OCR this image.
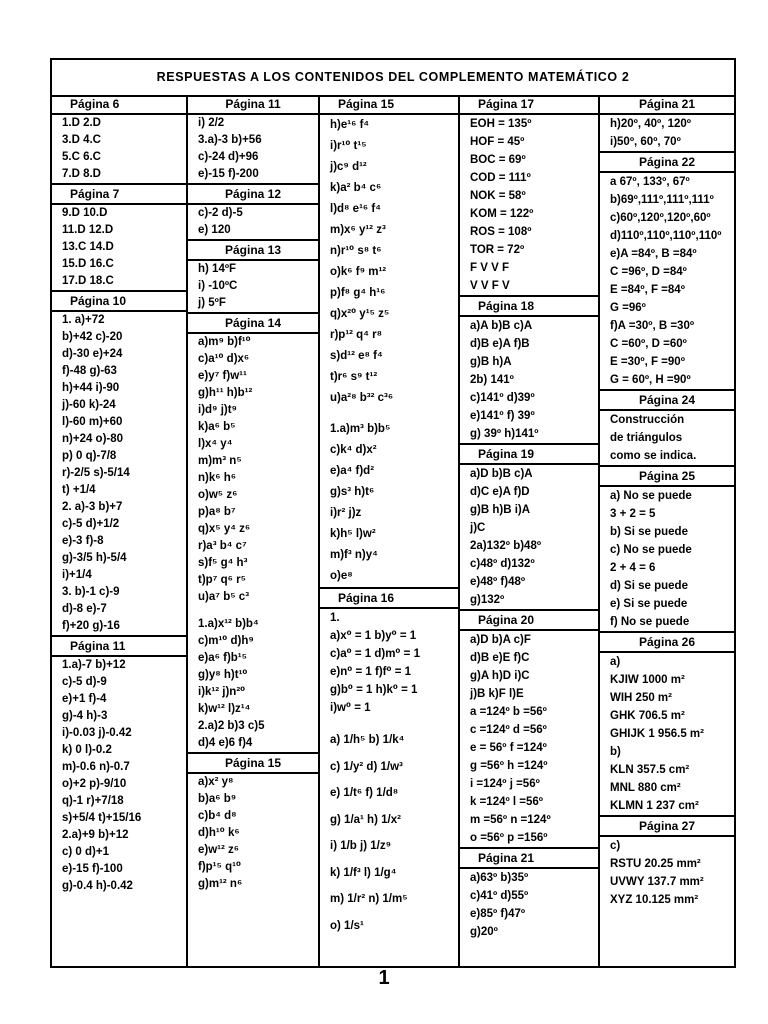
RESPUESTAS A LOS CONTENIDOS DEL COMPLEMENTO MATEMÁTICO 2
Página 6
1.D 2.D
3.D 4.C
5.C 6.C
7.D 8.D
Página 7
9.D 10.D
11.D 12.D
13.C 14.D
15.D 16.C
17.D 18.C
Página 10
1. a)+72
b)+42 c)-20
d)-30 e)+24
f)-48 g)-63
h)+44 i)-90
j)-60 k)-24
l)-60 m)+60
n)+24 o)-80
p) 0 q)-7/8
r)-2/5 s)-5/14
t) +1/4
2. a)-3 b)+7
c)-5 d)+1/2
e)-3 f)-8
g)-3/5 h)-5/4
i)+1/4
3. b)-1 c)-9
d)-8 e)-7
f)+20 g)-16
Página 11
1.a)-7 b)+12
c)-5 d)-9
e)+1 f)-4
g)-4 h)-3
i)-0.03 j)-0.42
k) 0 l)-0.2
m)-0.6 n)-0.7
o)+2 p)-9/10
q)-1 r)+7/18
s)+5/4 t)+15/16
2.a)+9 b)+12
c) 0 d)+1
e)-15 f)-100
g)-0.4 h)-0.42
Página 11
i) 2/2
3.a)-3 b)+56
c)-24 d)+96
e)-15 f)-200
Página 12
c)-2 d)-5
e) 120
Página 13
h) 14ºF
i) -10ºC
j) 5ºF
Página 14
a)m⁹ b)f¹⁰
c)a¹⁰ d)x⁶
e)y⁷ f)w¹¹
g)h¹¹ h)b¹²
i)d⁹ j)t⁹
k)a⁶ b⁵
l)x⁴ y⁴
m)m³ n⁵
n)k⁶ h⁶
o)w⁵ z⁶
p)a⁸ b⁷
q)x⁵ y⁴ z⁶
r)a³ b⁴ c⁷
s)f⁵ g⁴ h³
t)p⁷ q⁶ r⁵
u)a⁷ b⁵ c³
1.a)x¹² b)b⁴
c)m¹⁰ d)h⁹
e)a⁶ f)b¹⁵
g)y⁸ h)t¹⁰
i)k¹² j)n²⁰
k)w¹² l)z¹⁴
2.a)2 b)3 c)5
d)4 e)6 f)4
Página 15
a)x² y⁸
b)a⁶ b⁹
c)b⁴ d⁸
d)h¹⁰ k⁶
e)w¹² z⁶
f)p¹⁵ q¹⁰
g)m¹² n⁶
Página 15
h)e¹⁶ f⁴
i)r¹⁰ t¹⁵
j)c⁹ d¹²
k)a² b⁴ c⁶
l)d⁸ e¹⁶ f⁴
m)x⁶ y¹² z³
n)r¹⁰ s⁸ t⁶
o)k⁶ f⁹ m¹²
p)f⁸ g⁴ h¹⁶
q)x²⁰ y¹⁵ z⁵
r)p¹² q⁴ r⁸
s)d¹² e⁸ f⁴
t)r⁶ s⁹ t¹²
u)a²⁸ b³² c³⁶
1.a)m³ b)b⁵
c)k⁴ d)x²
e)a⁴ f)d²
g)s³ h)t⁶
i)r² j)z
k)h⁵ l)w²
m)f³ n)y⁴
o)e⁸
Página 16
1.
a)x⁰ = 1 b)y⁰ = 1
c)a⁰ = 1 d)m⁰ = 1
e)n⁰ = 1 f)f⁰ = 1
g)b⁰ = 1 h)k⁰ = 1
i)w⁰ = 1
a) 1/h⁵ b) 1/k⁴
c) 1/y² d) 1/w³
e) 1/t⁶ f) 1/d⁸
g) 1/a¹ h) 1/x²
i) 1/b j) 1/z⁹
k) 1/f³ l) 1/g⁴
m) 1/r² n) 1/m⁵
o) 1/s¹
Página 17
EOH = 135º
HOF = 45º
BOC = 69º
COD = 111º
NOK = 58º
KOM = 122º
ROS = 108º
TOR = 72º
F V V F
V V F V
Página 18
a)A b)B c)A
d)B e)A f)B
g)B h)A
2b) 141º
c)141º d)39º
e)141º f) 39º
g) 39º h)141º
Página 19
a)D b)B c)A
d)C e)A f)D
g)B h)B i)A
j)C
2a)132º b)48º
c)48º d)132º
e)48º f)48º
g)132º
Página 20
a)D b)A c)F
d)B e)E f)C
g)A h)D i)C
j)B k)F l)E
a =124º b =56º
c =124º d =56º
e = 56º f =124º
g =56º h =124º
i =124º j =56º
k =124º l =56º
m =56º n =124º
o =56º p =156º
Página 21
a)63º b)35º
c)41º d)55º
e)85º f)47º
g)20º
Página 21
h)20º, 40º, 120º
i)50º, 60º, 70º
Página 22
a 67º, 133º, 67º
b)69º,111º,111º,111º
c)60º,120º,120º,60º
d)110º,110º,110º,110º
e)A =84º, B =84º
C =96º, D =84º
E =84º, F =84º
G =96º
f)A =30º, B =30º
C =60º, D =60º
E =30º, F =90º
G = 60º, H =90º
Página 24
Construcción
de triángulos
como se indica.
Página 25
a) No se puede
3 + 2 = 5
b) Si se puede
c) No se puede
2 + 4 = 6
d) Si se puede
e) Si se puede
f) No se puede
Página 26
a)
KJIW 1000 m²
WIH 250 m²
GHK 706.5 m²
GHIJK 1 956.5 m²
b)
KLN 357.5 cm²
MNL 880 cm²
KLMN 1 237 cm²
Página 27
c)
RSTU 20.25 mm²
UVWY 137.7 mm²
XYZ 10.125 mm²
1
